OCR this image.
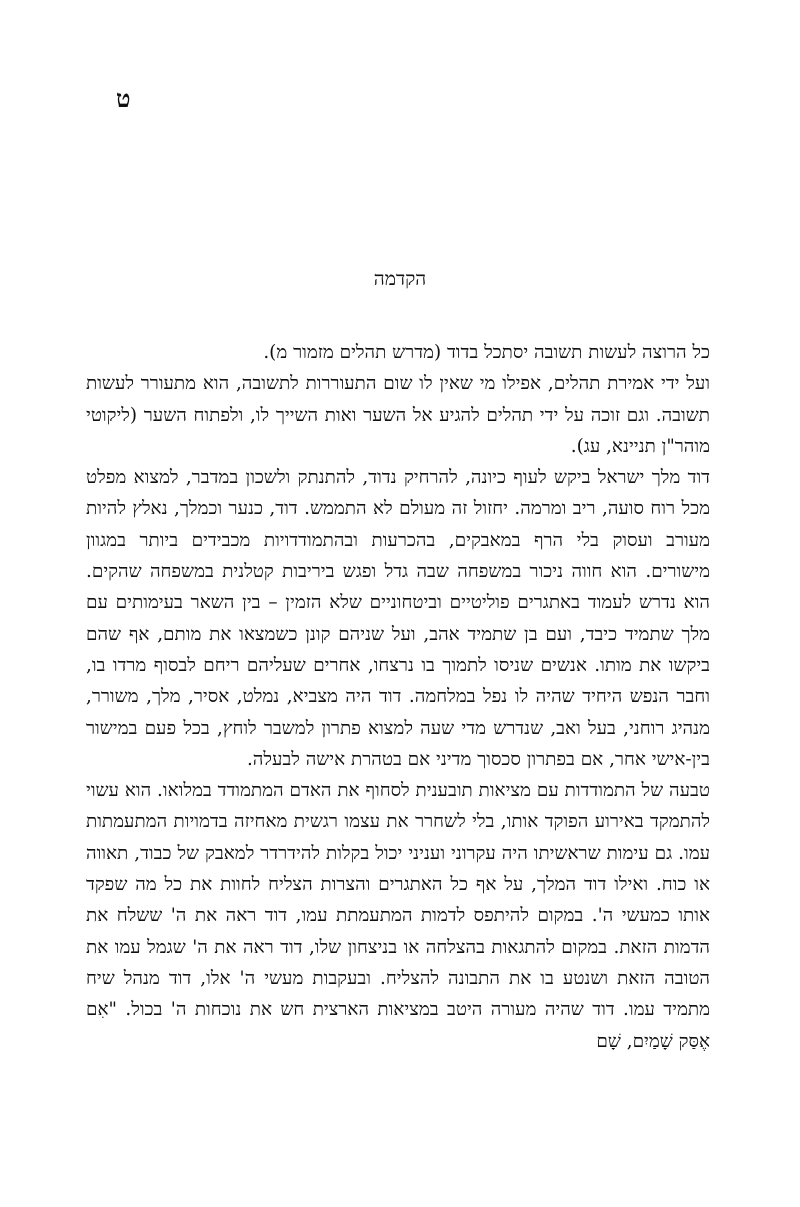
ט
הקדמה

כל הרוצה לעשות תשובה יסתכל בדוד (מדרש תהלים מזמור מ).

ועל ידי אמירת תהלים, אפילו מי שאין לו שום התעוררות לתשובה, הוא מתעורר לעשות תשובה. וגם זוכה על ידי תהלים להגיע אל השער ואות השייך לו, ולפתוח השער (ליקוטי מוהר"ן תניינא, עג).

דוד מלך ישראל ביקש לעוף כיונה, להרחיק נדוד, להתנתק ולשכון במדבר, למצוא מפלט מכל רוח סועה, ריב ומרמה. יחזול זה מעולם לא התממש. דוד, כנער וכמלך, נאלץ להיות מעורב ועסוק בלי הרף במאבקים, בהכרעות ובהתמודדויות מכבידים ביותר במגוון מישורים. הוא חווה ניכור במשפחה שבה גדל ופגש ביריבות קטלנית במשפחה שהקים. הוא נדרש לעמוד באתגרים פוליטיים וביטחוניים שלא הזמין – בין השאר בעימותים עם מלך שתמיד כיבד, ועם בן שתמיד אהב, ועל שניהם קונן כשמצאו את מותם, אף שהם ביקשו את מותו. אנשים שניסו לתמוך בו נרצחו, אחרים שעליהם ריחם לבסוף מרדו בו, וחבר הנפש היחיד שהיה לו נפל במלחמה. דוד היה מצביא, נמלט, אסיר, מלך, משורר, מנהיג רוחני, בעל ואב, שנדרש מדי שעה למצוא פתרון למשבר לוחץ, בכל פעם במישור בין-אישי אחר, אם בפתרון סכסוך מדיני אם בטהרת אישה לבעלה.

טבעה של התמודדות עם מציאות תובענית לסחוף את האדם המתמודד במלואו. הוא עשוי להתמקד באירוע הפוקד אותו, בלי לשחרר את עצמו רגשית מאחיזה בדמויות המתעמתות עמו. גם עימות שראשיתו היה עקרוני ועניני יכול בקלות להידרדר למאבק של כבוד, תאווה או כוח. ואילו דוד המלך, על אף כל האתגרים והצרות הצליח לחוות את כל מה שפקד אותו כמעשי ה'. במקום להיתפס לדמות המתעמתת עמו, דוד ראה את ה' ששלח את הדמות הזאת. במקום להתגאות בהצלחה או בניצחון שלו, דוד ראה את ה' שגמל עמו את הטובה הזאת ושנטע בו את התבונה להצליח. ובעקבות מעשי ה' אלו, דוד מנהל שיח מתמיד עמו. דוד שהיה מעורה היטב במציאות הארצית חש את נוכחות ה' בכול. "אִם אֶסַּק שָׁמַיִם, שָׁם
